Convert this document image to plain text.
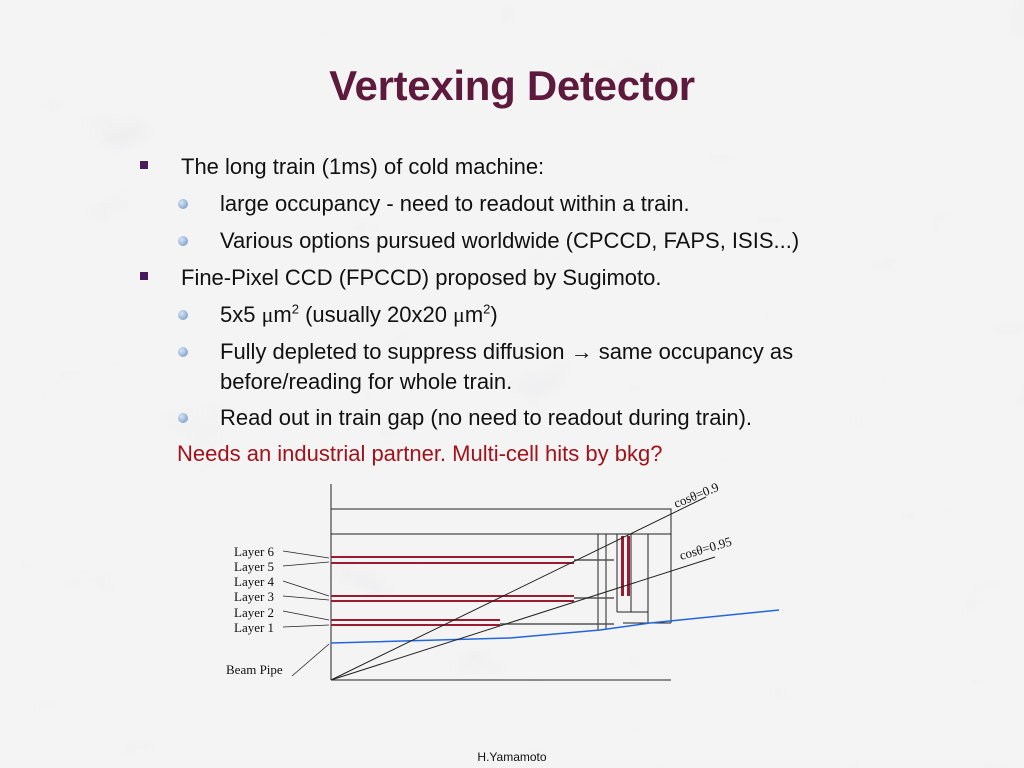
Vertexing Detector
The long train (1ms) of cold machine:
large occupancy - need to readout within a train.
Various options pursued worldwide (CPCCD, FAPS, ISIS...)
Fine-Pixel CCD (FPCCD) proposed by Sugimoto.
5x5 $\mu m^2$ (usually 20x20 $\mu m^2$)
Fully depleted to suppress diffusion → same occupancy as
before/reading for whole train.
Read out in train gap (no need to readout during train).
Needs an industrial partner. Multi-cell hits by bkg?
Layer 6
Layer 5
Layer 4
Layer 3
Layer 2
Layer 1
Beam Pipe
cosθ=0.9
cosθ=0.95
H.Yamamoto
